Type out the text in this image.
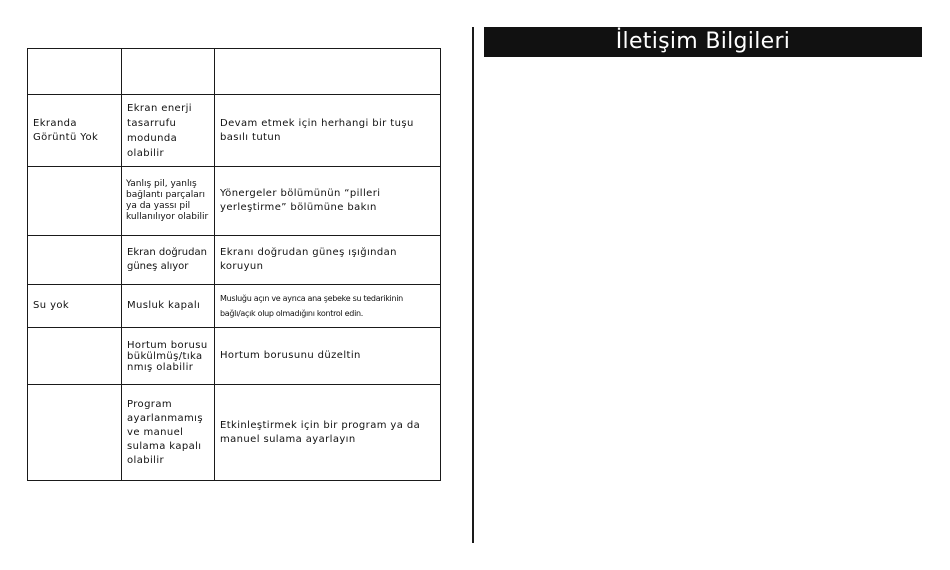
Ekranda Görüntü Yok	Ekran enerji tasarrufu modunda olabilir	Devam etmek için herhangi bir tuşu basılı tutun
	Yanlış pil, yanlış bağlantı parçaları ya da yassı pil kullanılıyor olabilir	Yönergeler bölümünün “pilleri yerleştirme” bölümüne bakın
	Ekran doğrudan güneş alıyor	Ekranı doğrudan güneş ışığından koruyun
Su yok	Musluk kapalı	Musluğu açın ve ayrıca ana şebeke su tedarikinin bağlı/açık olup olmadığını kontrol edin.
	Hortum borusu bükülmüş/tıkanmış olabilir	Hortum borusunu düzeltin
	Program ayarlanmamış ve manuel sulama kapalı olabilir	Etkinleştirmek için bir program ya da manuel sulama ayarlayın
İletişim Bilgileri
